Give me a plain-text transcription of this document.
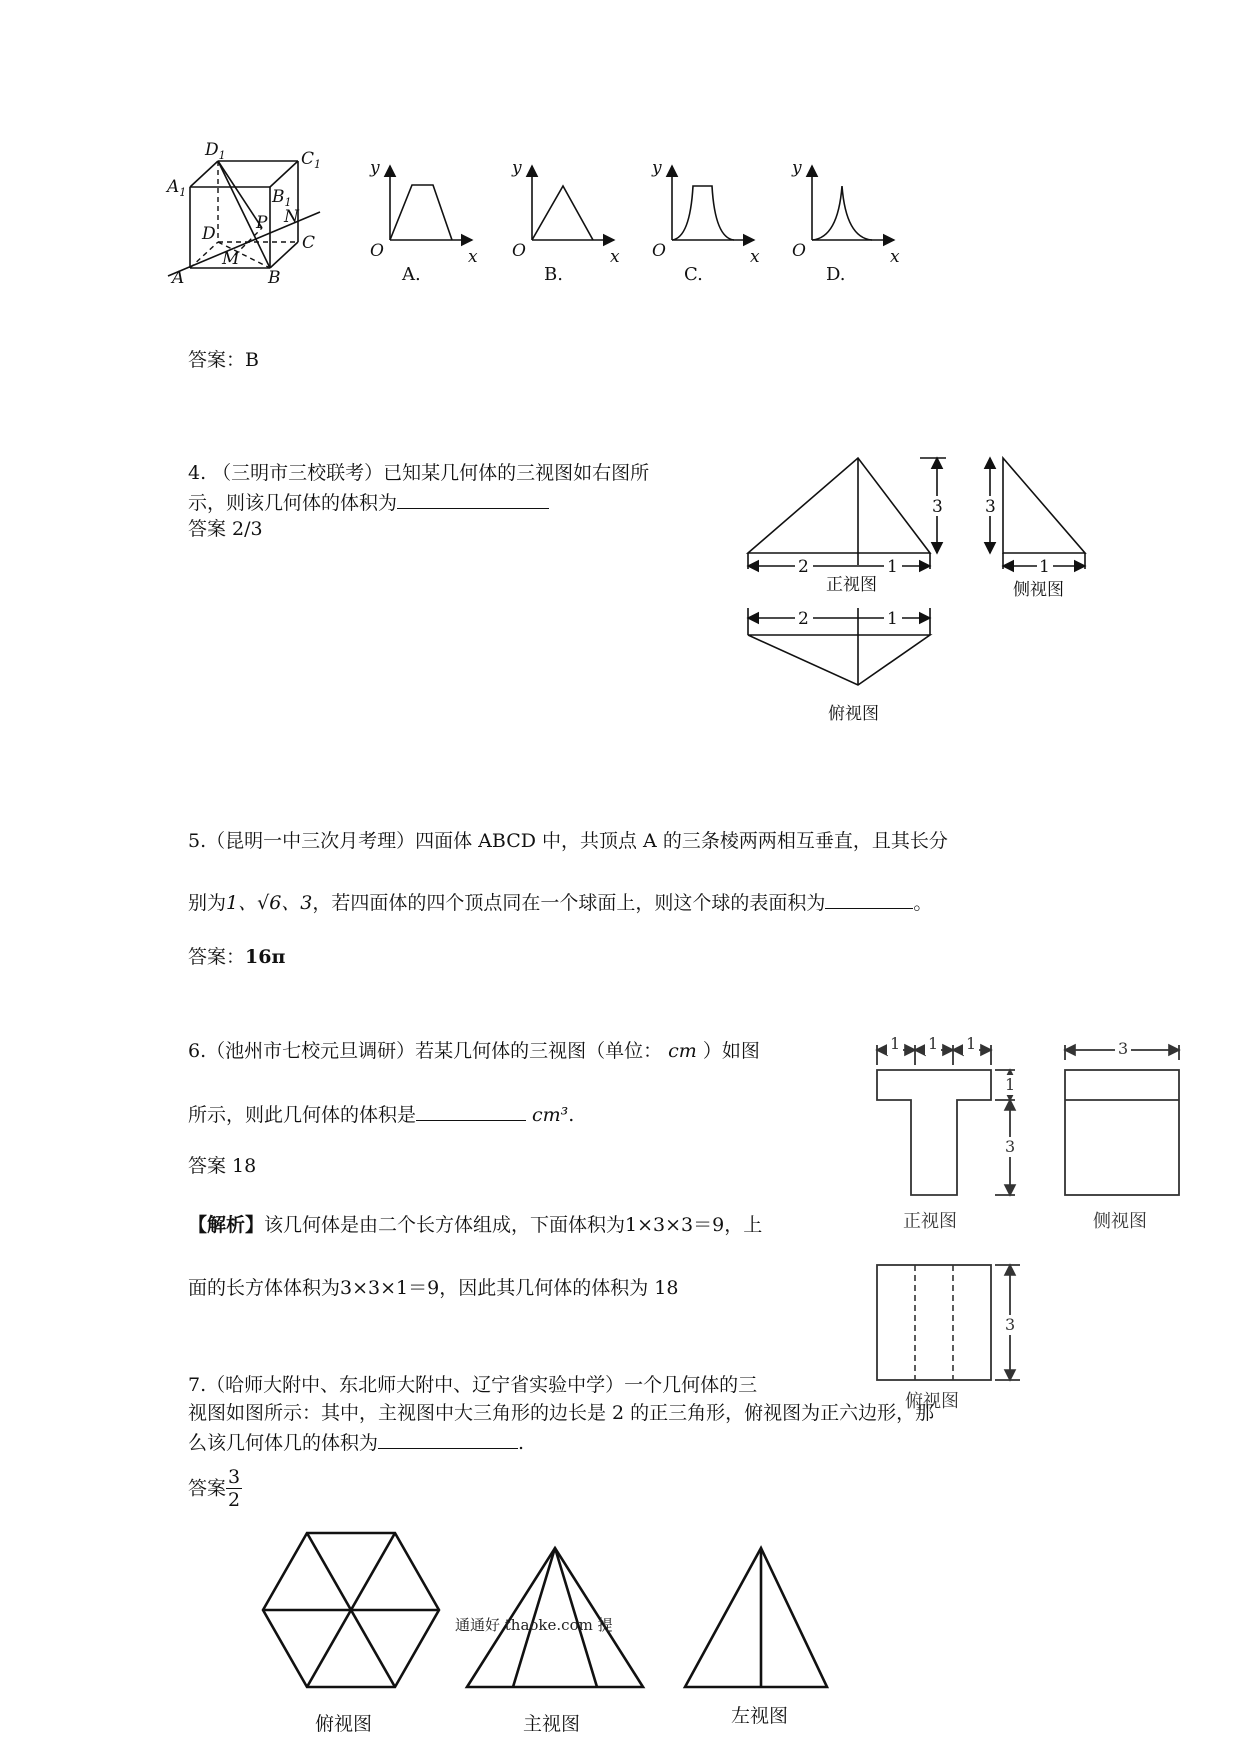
$D_1$	$C_1$
$A_1$	$B_1$
P N
D	C
M
A	B
y
O	x
y
O	x
y
O	x
y
O	x
A.	B.	C.	D.
答案：B
4. （三明市三校联考）已知某几何体的三视图如右图所
示，则该几何体的体积为
答案 2/3
2	1
3 3
1
2	1
正视图	侧视图
俯视图
5.（昆明一中三次月考理）四面体 ABCD 中，共顶点 A 的三条棱两两相互垂直，且其长分
别为1、√6、3，若四面体的四个顶点同在一个球面上，则这个球的表面积为	。
答案：16π
6.（池州市七校元旦调研）若某几何体的三视图（单位： cm ）如图
所示，则此几何体的体积是	cm³.
答案 18
【解析】该几何体是由二个长方体组成，下面体积为1×3×3＝9，上
面的长方体体积为3×3×1＝9，因此其几何体的体积为 18
1 1 1
1
3
3
3
正视图	侧视图
俯视图
7.（哈师大附中、东北师大附中、辽宁省实验中学）一个几何体的三
视图如图所示：其中，主视图中大三角形的边长是 2 的正三角形，俯视图为正六边形，那
么该几何体几的体积为	.
答案 $\frac{3}{2}$
俯视图	主视图	左视图
通通好 thaoke.com 提
